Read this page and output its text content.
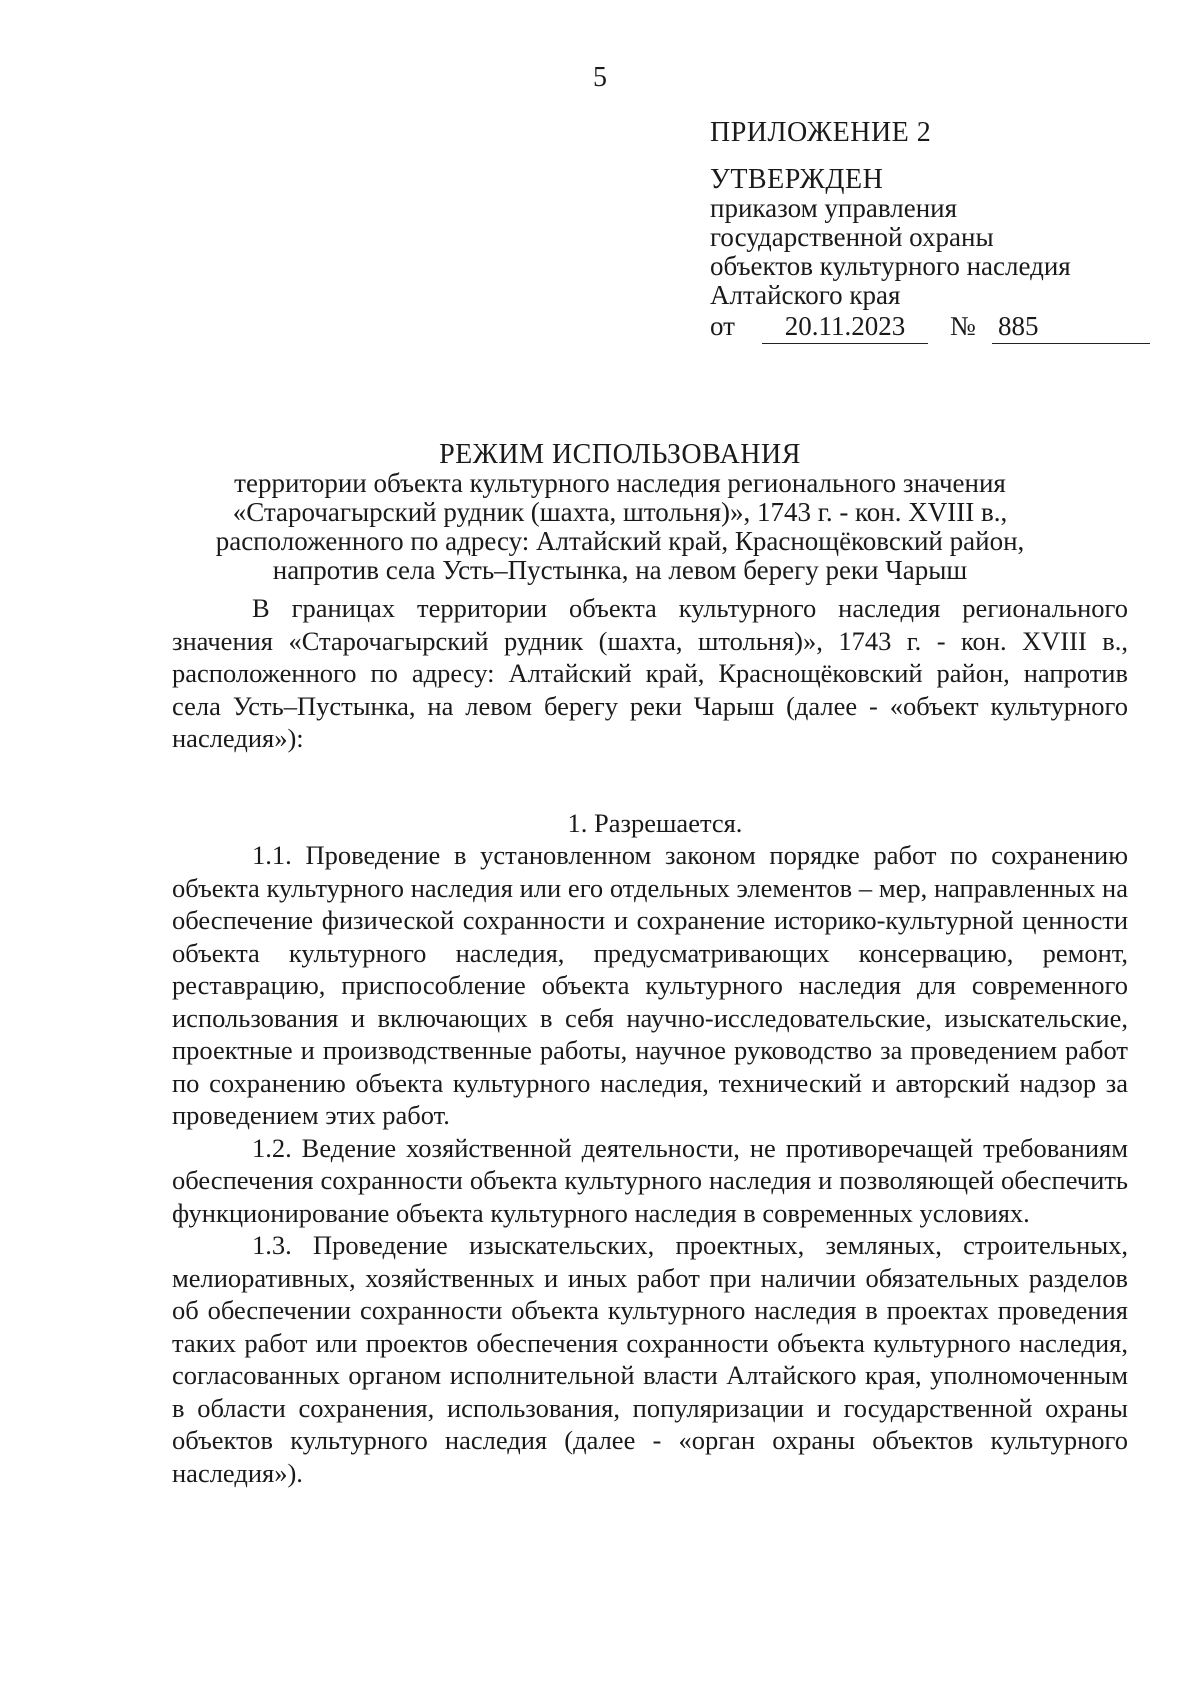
5
ПРИЛОЖЕНИЕ 2
УТВЕРЖДЕН
приказом управления
государственной охраны
объектов культурного наследия
Алтайского края
от	20.11.2023	№ 885
РЕЖИМ ИСПОЛЬЗОВАНИЯ
территории объекта культурного наследия регионального значения
«Старочагырский рудник (шахта, штольня)», 1743 г. - кон. XVIII в.,
расположенного по адресу: Алтайский край, Краснощёковский район,
напротив села Усть–Пустынка, на левом берегу реки Чарыш

В границах территории объекта культурного наследия регионального значения «Старочагырский рудник (шахта, штольня)», 1743 г. - кон. XVIII в., расположенного по адресу: Алтайский край, Краснощёковский район, напротив села Усть–Пустынка, на левом берегу реки Чарыш (далее - «объект культурного наследия»):

1. Разрешается.

1.1. Проведение в установленном законом порядке работ по сохранению объекта культурного наследия или его отдельных элементов – мер, направленных на обеспечение физической сохранности и сохранение историко-культурной ценности объекта культурного наследия, предусматривающих консервацию, ремонт, реставрацию, приспособление объекта культурного наследия для современного использования и включающих в себя научно-исследовательские, изыскательские, проектные и производственные работы, научное руководство за проведением работ по сохранению объекта культурного наследия, технический и авторский надзор за проведением этих работ.

1.2. Ведение хозяйственной деятельности, не противоречащей требованиям обеспечения сохранности объекта культурного наследия и позволяющей обеспечить функционирование объекта культурного наследия в современных условиях.

1.3. Проведение изыскательских, проектных, земляных, строительных, мелиоративных, хозяйственных и иных работ при наличии обязательных разделов об обеспечении сохранности объекта культурного наследия в проектах проведения таких работ или проектов обеспечения сохранности объекта культурного наследия, согласованных органом исполнительной власти Алтайского края, уполномоченным в области сохранения, использования, популяризации и государственной охраны объектов культурного наследия (далее - «орган охраны объектов культурного наследия»).
